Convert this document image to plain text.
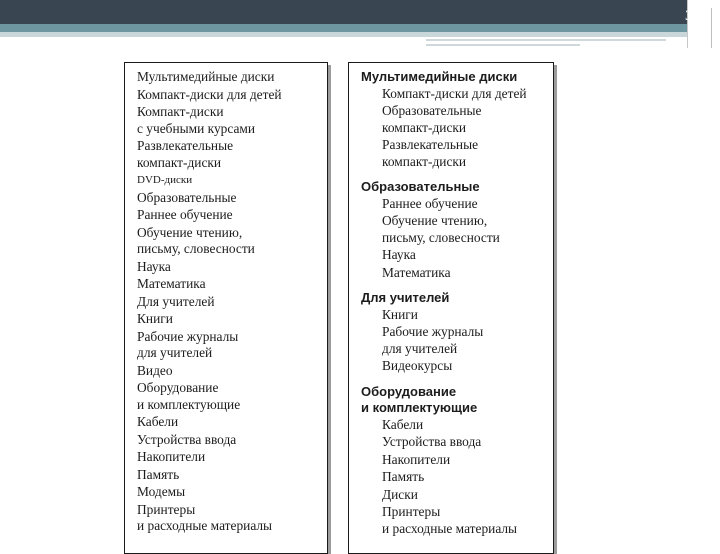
37
Мультимедийные диски
Компакт-диски для детей
Компакт-диски
с учебными курсами
Развлекательные
компакт-диски
DVD-диски
Образовательные
Раннее обучение
Обучение чтению,
письму, словесности
Наука
Математика
Для учителей
Книги
Рабочие журналы
для учителей
Видео
Оборудование
и комплектующие
Кабели
Устройства ввода
Накопители
Память
Модемы
Принтеры
и расходные материалы
Мультимедийные диски
Компакт-диски для детей
Образовательные
компакт-диски
Развлекательные
компакт-диски
Образовательные
Раннее обучение
Обучение чтению,
письму, словесности
Наука
Математика
Для учителей
Книги
Рабочие журналы
для учителей
Видеокурсы
Оборудование
и комплектующие
Кабели
Устройства ввода
Накопители
Память
Диски
Принтеры
и расходные материалы
